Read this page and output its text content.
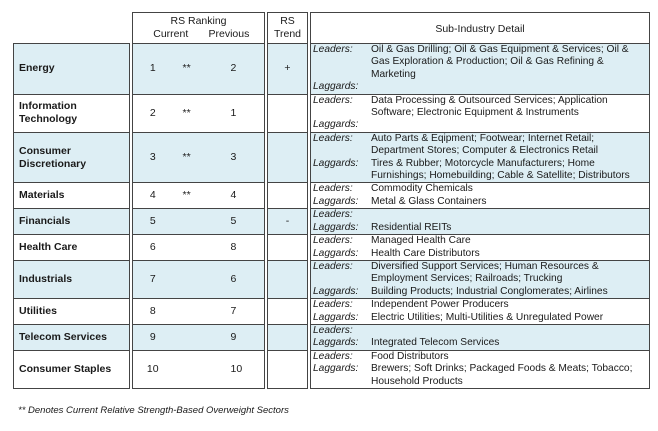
		RS Ranking				RS		Sub-Industry Detail
		Current		Previous		Trend		
Energy		1	**	2		+		Leaders: Oil & Gas Drilling; Oil & Gas Equipment & Services; Oil & Gas Exploration & Production; Oil & Gas Refining & Marketing
Laggards:

Information Technology		2	**	1				Leaders: Data Processing & Outsourced Services; Application Software; Electronic Equipment & Instruments
Laggards:

Consumer Discretionary		3	**	3				Leaders: Auto Parts & Eqipment; Footwear; Internet Retail; Department Stores; Computer & Electronics Retail
Laggards: Tires & Rubber; Motorcycle Manufacturers; Home Furnishings; Homebuilding; Cable & Satellite; Distributors

Materials		4	**	4				Leaders: Commodity Chemicals
Laggards: Metal & Glass Containers

Financials		5		5		-		Leaders:
Laggards: Residential REITs

Health Care		6		8				Leaders: Managed Health Care
Laggards: Health Care Distributors

Industrials		7		6				Leaders: Diversified Support Services; Human Resources & Employment Services; Railroads; Trucking
Laggards: Building Products; Industrial Conglomerates; Airlines

Utilities		8		7				Leaders: Independent Power Producers
Laggards: Electric Utilities; Multi-Utilities & Unregulated Power

Telecom Services		9		9				Leaders:
Laggards: Integrated Telecom Services

Consumer Staples		10		10				Leaders: Food Distributors
Laggards: Brewers; Soft Drinks; Packaged Foods & Meats; Tobacco; Household Products
** Denotes Current Relative Strength-Based Overweight Sectors
